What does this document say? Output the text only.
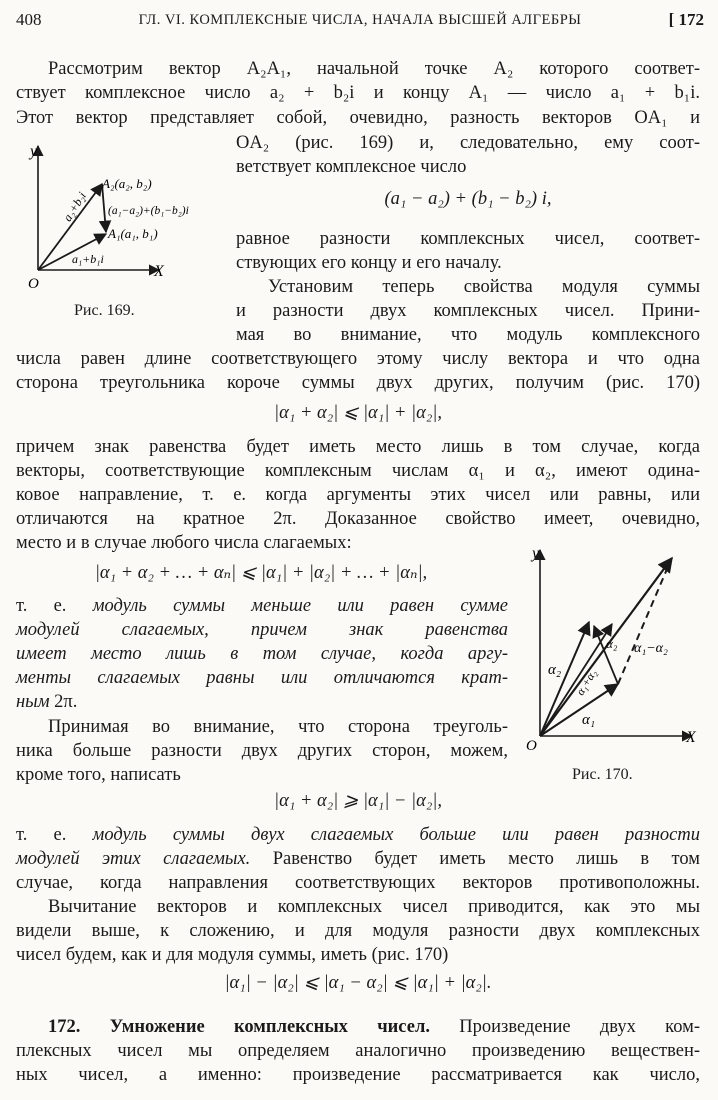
408	ГЛ. VI. КОМПЛЕКСНЫЕ ЧИСЛА, НАЧАЛА ВЫСШЕЙ АЛГЕБРЫ	[ 172
Рассмотрим вектор A₂A₁, начальной точке A₂ которого соответ-
ствует комплексное число a₂ + b₂i и концу A₁ — число a₁ + b₁i.
Этот вектор представляет собой, очевидно, разность векторов OA₁ и
OA₂ (рис. 169) и, следовательно, ему соот-
ветствует комплексное число
(a₁ − a₂) + (b₁ − b₂) i,
равное разности комплексных чисел, соответ-
ствующих его концу и его началу.
y
X
O
A₂(a₂, b₂)
A₁(a₁, b₁)
(a₁−a₂)+(b₁−b₂)i
a₂+b₂i
a₁+b₁i
Рис. 169.
Установим теперь свойства модуля суммы
и разности двух комплексных чисел. Прини-
мая во внимание, что модуль комплексного
числа равен длине соответствующего этому числу вектора и что одна
сторона треугольника короче суммы двух других, получим (рис. 170)
|α₁ + α₂| ⩽ |α₁| + |α₂|,
причем знак равенства будет иметь место лишь в том случае, когда
векторы, соответствующие комплексным числам α₁ и α₂, имеют одина-
ковое направление, т. е. когда аргументы этих чисел или равны, или
отличаются на кратное 2π. Доказанное свойство имеет, очевидно,
место и в случае любого числа слагаемых:
|α₁ + α₂ + … + αₙ| ⩽ |α₁| + |α₂| + … + |αₙ|,
т. е. модуль суммы меньше или равен сумме
модулей слагаемых, причем знак равенства
имеет место лишь в том случае, когда аргу-
менты слагаемых равны или отличаются крат-
ным 2π.
Принимая во внимание, что сторона треуголь-
ника больше разности двух других сторон, можем,
кроме того, написать
|α₁ + α₂| ⩾ |α₁| − |α₂|,
y
X
O
α₁
α₂
α₂
α₁+α₂
α₁−α₂
Рис. 170.
т. е. модуль суммы двух слагаемых больше или равен разности
модулей этих слагаемых. Равенство будет иметь место лишь в том
случае, когда направления соответствующих векторов противоположны.
Вычитание векторов и комплексных чисел приводится, как это мы
видели выше, к сложению, и для модуля разности двух комплексных
чисел будем, как и для модуля суммы, иметь (рис. 170)
|α₁| − |α₂| ⩽ |α₁ − α₂| ⩽ |α₁| + |α₂|.
172. Умножение комплексных чисел. Произведение двух ком-
плексных чисел мы определяем аналогично произведению веществен-
ных чисел, а именно: произведение рассматривается как число,
